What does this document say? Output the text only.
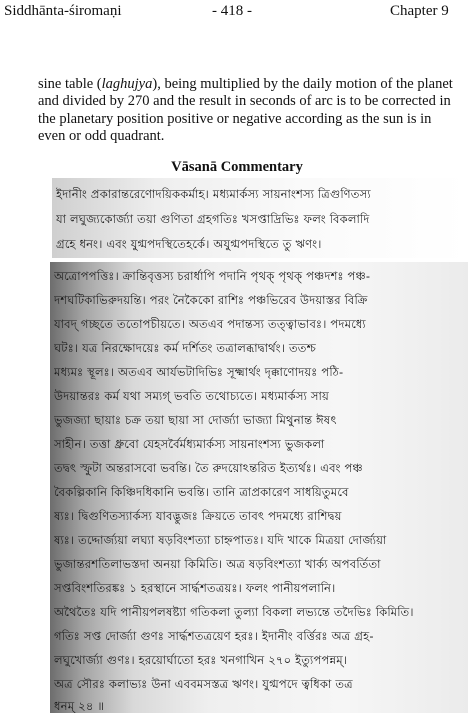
Siddhānta-śiromaṇi	- 418 -	Chapter 9
sine table (laghujya), being multiplied by the daily motion of the planet
and divided by 270 and the result in seconds of arc is to be corrected in
the planetary position positive or negative according as the sun is in
even or odd quadrant.
Vāsanā Commentary
ইদানীং প্রকারান্তরেণোদয়িককর্মাহ। মধ্যমার্কস্য সায়নাংশস্য ত্রিগুণিতস্য
যা লঘুজ্যকোর্জ্যা তয়া গুণিতা গ্রহগতিঃ খসপ্তাদ্রিভিঃ ফলং বিকলাদি
গ্রহে ধনং। এবং যুগ্মপদস্থিতেহর্কে। অযুগ্মপদস্থিতে তু ঋণং।
অত্রোপপত্তিঃ। ক্রান্তিবৃত্তস্য চরার্ধাপি পদানি পৃথক্ পৃথক্ পঞ্চদশঃ পঞ্চ-
দশঘটিকাভিরুদয়ন্তি। পরং নৈকৈকো রাশিঃ পঞ্চভিরেব উদয়াস্তর বিক্রি
যাবদ্ গচ্ছতে ততোপচীয়তে। অতএব পদান্তস্য তত্ত্বাভাবঃ। পদমধ্যে
ঘটঃ। যত্র নিরক্ষোদয়েঃ কর্ম দর্শিতং তত্রালব্ধাদ্বার্থং। ততশ্চ
মধ্যমঃ স্থূলঃ। অতএব আর্যভটাদিভিঃ সূক্ষ্মার্থং দৃক্কাণোদয়ঃ পঠি-
উদয়ান্তরঃ কর্ম যথা সম্যগ্ ভবতি তথোচ্যতে। মধ্যমার্কস্য সায়
ভুজজ্যা ছায়াঃ চক্র তয়া ছায়া সা দোর্জ্যা ভাজ্যা মিথুনান্ত ঈষৎ
সাহীন। তত্তা ধ্রুবো যেহসর্বৈর্মধ্যমার্কস্য সায়নাংশস্য ভুজকলা
তদ্বৎ স্ফুটা অন্তরাসবো ভবন্তি। তৈ রুদয়োঽন্তরিত ইত্যর্থঃ। এবং পঞ্চ
বৈকল্পিকানি কিঞ্চিদধিকানি ভবন্তি। তানি ত্রাপ্রকারেণ সাধয়িতুমবে
ষ্যঃ। দ্বিগুণিতস্যার্কস্য যাবদ্ভুজঃ ক্রিয়তে তাবৎ পদমধ্যে রাশিদ্বয়
ষ্যঃ। তদ্দোর্জ্যয়া লঘ্যা ষড়বিংশত্যা চাহ্নপাতঃ। যদি খাকে মিত্রয়া দোর্জ্যয়া
ভুজান্তরশতিলাভস্তদা অনয়া কিমিতি। অত্র ষড়বিংশত্যা খার্ক্য অপবর্তিতা
সপ্তবিংশতিরঙ্কঃ ১ হরস্থানে সার্দ্ধশতত্রয়ঃ। ফলং পানীয়পলানি।
অথৈতৈঃ যদি পানীয়পলষষ্ট্যা গতিকলা তুল্যা বিকলা লভ্যন্তে তদৈভিঃ কিমিতি।
গতিঃ সপ্ত দোর্জ্যা গুণঃ সার্দ্ধশতত্রয়েণ হরঃ। ইদানীং বর্ত্তিরঃ অত্র গ্রহ-
লঘুখোর্জ্যা গুণঃ। হরয়োর্ঘাতো হরঃ খনগাখিন ২৭০ ইত্যুপপন্নম্।
অত্র সৌরঃ কলাভ্যঃ উনা এববমসস্তত্র ঋণং। যুগ্মপদে ত্বধিকা তত্র
ধনম্ ২৪ ॥
